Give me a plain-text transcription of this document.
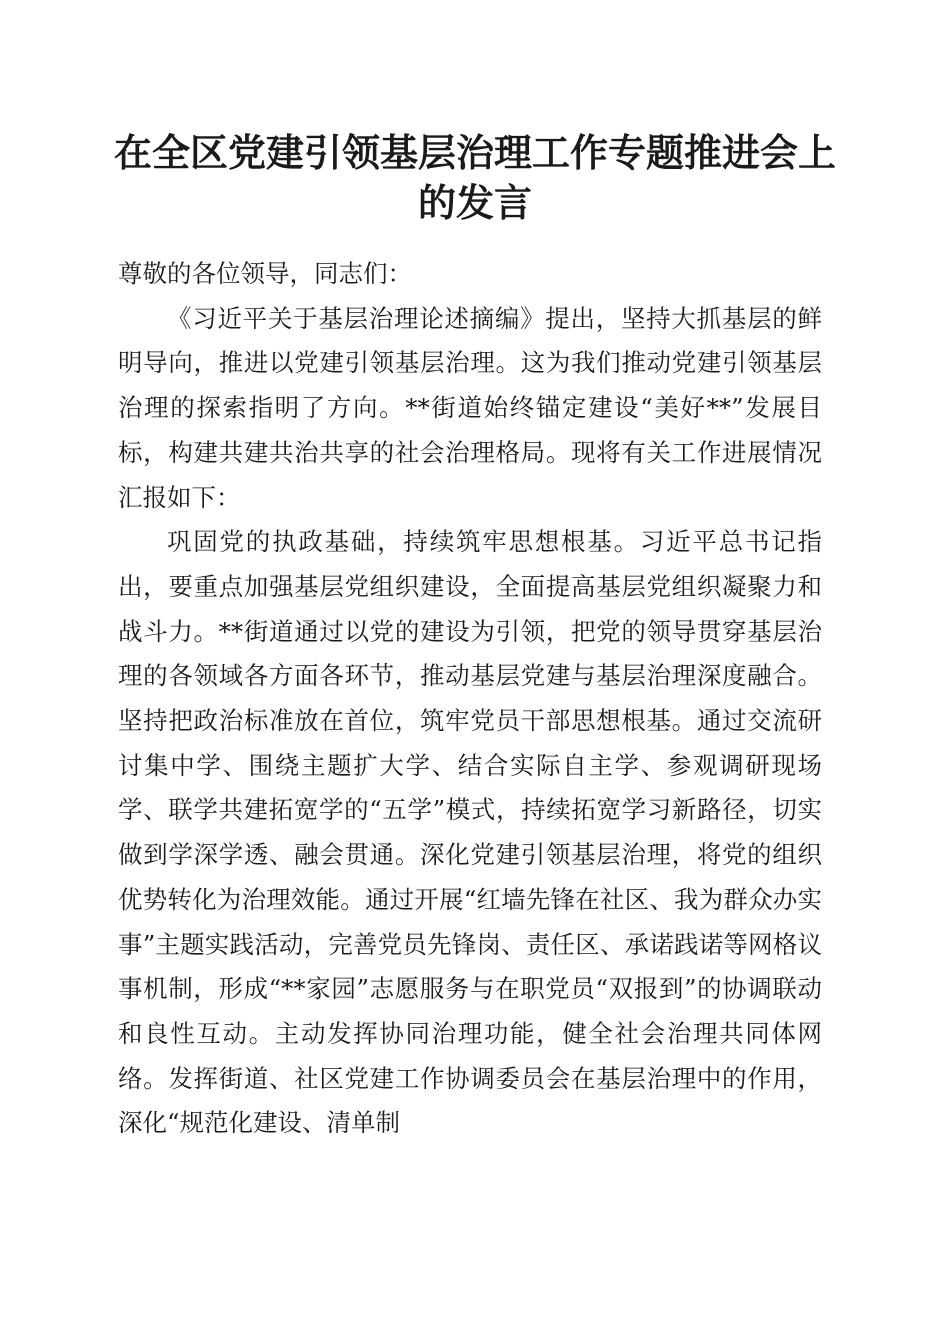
在全区党建引领基层治理工作专题推进会上的发言

尊敬的各位领导，同志们：

《习近平关于基层治理论述摘编》提出，坚持大抓基层的鲜明导向，推进以党建引领基层治理。这为我们推动党建引领基层治理的探索指明了方向。**街道始终锚定建设“美好**”发展目标，构建共建共治共享的社会治理格局。现将有关工作进展情况汇报如下：

巩固党的执政基础，持续筑牢思想根基。习近平总书记指出，要重点加强基层党组织建设，全面提高基层党组织凝聚力和战斗力。**街道通过以党的建设为引领，把党的领导贯穿基层治理的各领域各方面各环节，推动基层党建与基层治理深度融合。坚持把政治标准放在首位，筑牢党员干部思想根基。通过交流研讨集中学、围绕主题扩大学、结合实际自主学、参观调研现场学、联学共建拓宽学的“五学”模式，持续拓宽学习新路径，切实做到学深学透、融会贯通。深化党建引领基层治理，将党的组织优势转化为治理效能。通过开展“红墙先锋在社区、我为群众办实事”主题实践活动，完善党员先锋岗、责任区、承诺践诺等网格议事机制，形成“**家园”志愿服务与在职党员“双报到”的协调联动和良性互动。主动发挥协同治理功能，健全社会治理共同体网络。发挥街道、社区党建工作协调委员会在基层治理中的作用，深化“规范化建设、清单制
